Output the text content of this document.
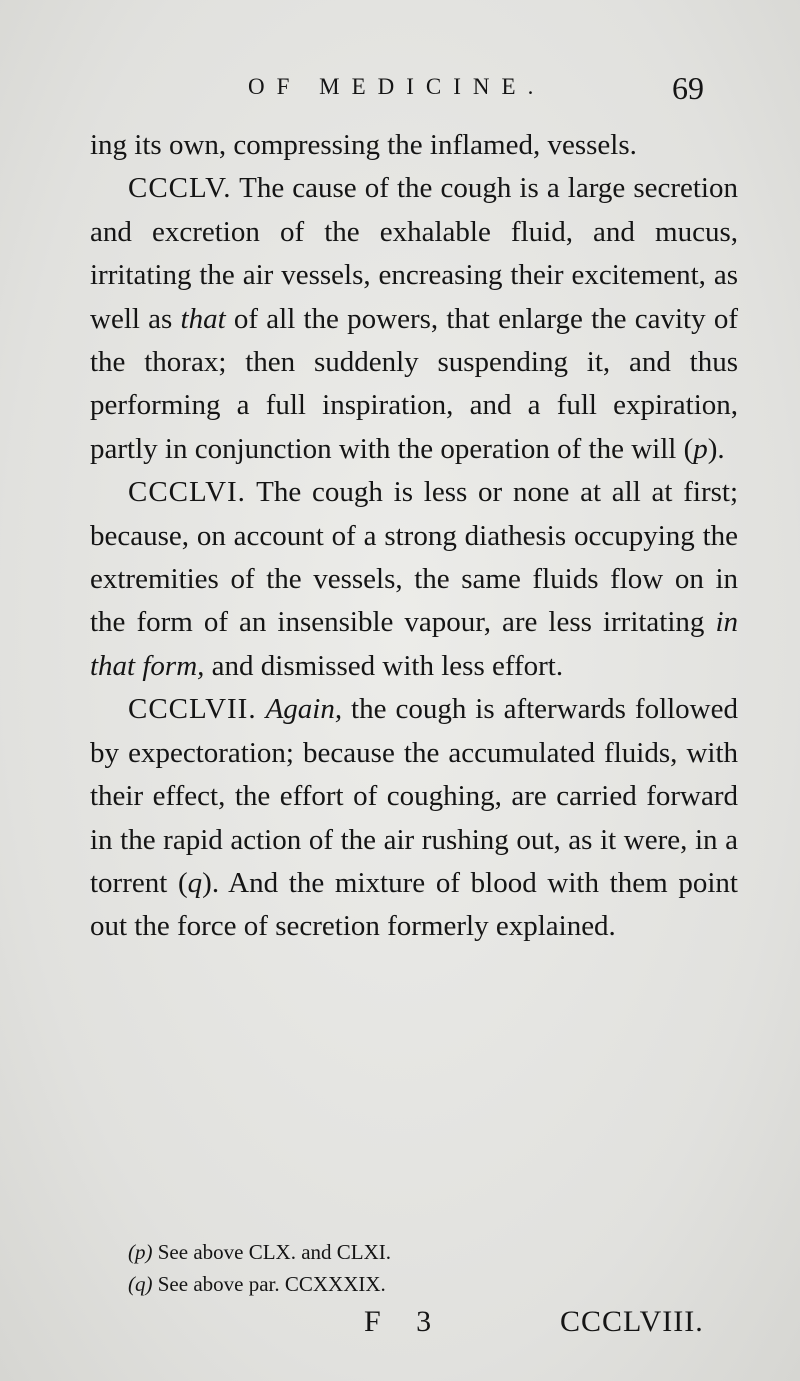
OF MEDICINE.	69

ing its own, compressing the inflamed, vessels.

CCCLV. The cause of the cough is a large secretion and excretion of the exhalable fluid, and mucus, irritating the air vessels, encreasing their excitement, as well as that of all the powers, that enlarge the cavity of the thorax; then suddenly suspending it, and thus performing a full inspiration, and a full expiration, partly in conjunction with the operation of the will (p).

CCCLVI. The cough is less or none at all at first; because, on account of a strong diathesis occupying the extremities of the vessels, the same fluids flow on in the form of an insensible vapour, are less irritating in that form, and dismissed with less effort.

CCCLVII. Again, the cough is afterwards followed by expectoration; because the accumulated fluids, with their effect, the effort of coughing, are carried forward in the rapid action of the air rushing out, as it were, in a torrent (q). And the mixture of blood with them point out the force of secretion formerly explained.

(p) See above CLX. and CLXI.

(q) See above par. CCXXXIX.

F 3	CCCLVIII.
